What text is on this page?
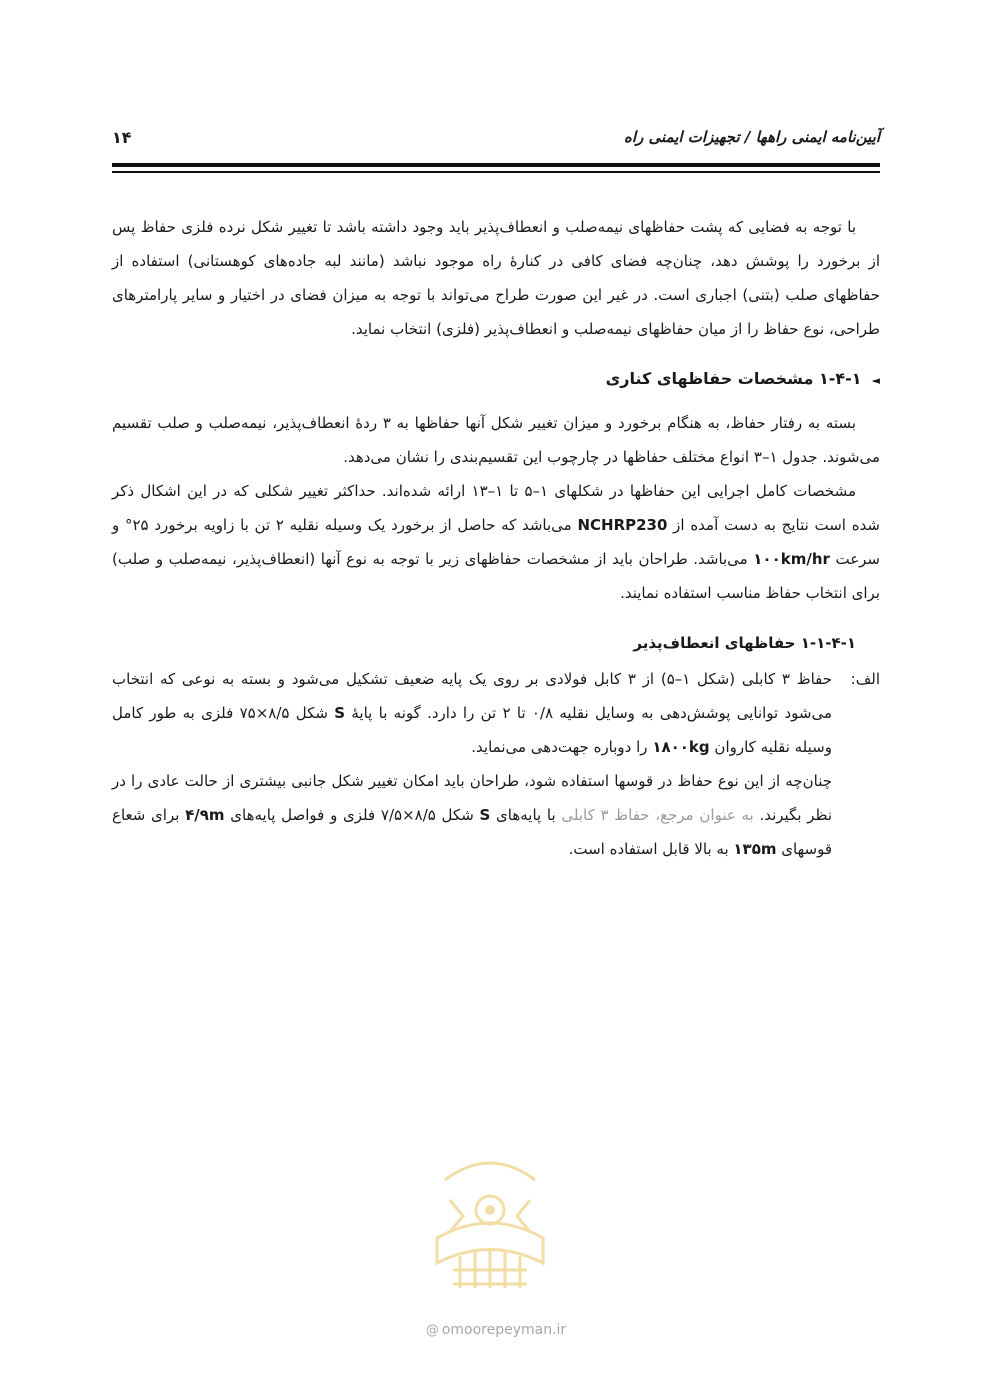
۱۴	آیین‌نامه ایمنی راهها / تجهیزات ایمنی راه

با توجه به فضایی که پشت حفاظهای نیمه‌صلب و انعطاف‌پذیر باید وجود داشته باشد تا تغییر شکل نرده فلزی حفاظ پس از برخورد را پوشش دهد، چنان‌چه فضای کافی در کنارهٔ راه موجود نباشد (مانند لبه جاده‌های کوهستانی) استفاده از حفاظهای صلب (بتنی) اجباری است. در غیر این صورت طراح می‌تواند با توجه به میزان فضای در اختیار و سایر پارامترهای طراحی، نوع حفاظ را از میان حفاظهای نیمه‌صلب و انعطاف‌پذیر (فلزی) انتخاب نماید.

◄۱-۴-۱ مشخصات حفاظهای کناری

بسته به رفتار حفاظ، به هنگام برخورد و میزان تغییر شکل آنها حفاظها به ۳ ردهٔ انعطاف‌پذیر، نیمه‌صلب و صلب تقسیم می‌شوند. جدول ۱–۳ انواع مختلف حفاظها در چارچوب این تقسیم‌بندی را نشان می‌دهد.

مشخصات کامل اجرایی این حفاظها در شکلهای ۱–۵ تا ۱–۱۳ ارائه شده‌اند. حداکثر تغییر شکلی که در این اشکال ذکر شده است نتایج به دست آمده از NCHRP230 می‌باشد که حاصل از برخورد یک وسیله نقلیه ۲ تن با زاویه برخورد ۲۵° و سرعت ۱۰۰km/hr می‌باشد. طراحان باید از مشخصات حفاظهای زیر با توجه به نوع آنها (انعطاف‌پذیر، نیمه‌صلب و صلب) برای انتخاب حفاظ مناسب استفاده نمایند.

۱-۱-۴-۱ حفاظهای انعطاف‌پذیر
الف:

حفاظ ۳ کابلی (شکل ۱–۵) از ۳ کابل فولادی بر روی یک پایه ضعیف تشکیل می‌شود و بسته به نوعی که انتخاب می‌شود توانایی پوشش‌دهی به وسایل نقلیه ۰/۸ تا ۲ تن را دارد. گونه با پایهٔ S شکل ۸/۵×۷۵ فلزی به طور کامل وسیله نقلیه کاروان ۱۸۰۰kg را دوباره جهت‌دهی می‌نماید.

چنان‌چه از این نوع حفاظ در قوسها استفاده شود، طراحان باید امکان تغییر شکل جانبی بیشتری از حالت عادی را در نظر بگیرند. به عنوان مرجع، حفاظ ۳ کابلی با پایه‌های S شکل ۸/۵×۷/۵ فلزی و فواصل پایه‌های ۴/۹m برای شعاع قوسهای ۱۳۵m به بالا قابل استفاده است.

@ omoorepeyman.ir
